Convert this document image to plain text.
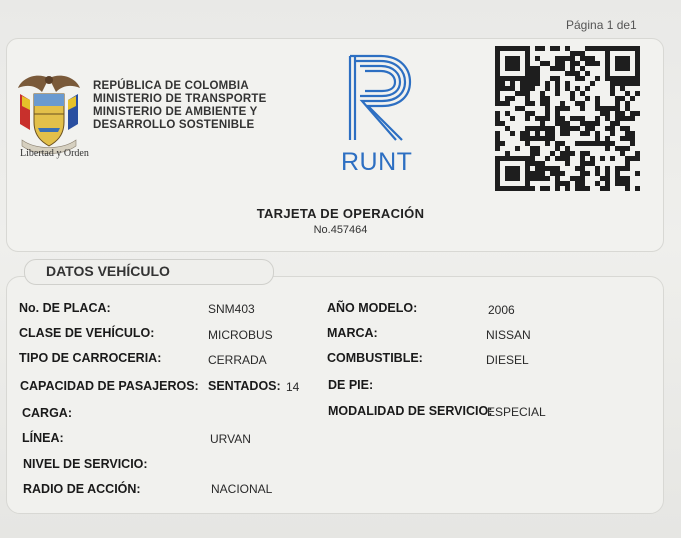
Página 1 de1
Libertad y Orden
REPÚBLICA DE COLOMBIA
MINISTERIO DE TRANSPORTE
MINISTERIO DE AMBIENTE Y
DESARROLLO SOSTENIBLE
RUNT
TARJETA DE OPERACIÓN
No.457464
DATOS VEHÍCULO
No. DE PLACA:	SNM403
CLASE DE VEHÍCULO:	MICROBUS
TIPO DE CARROCERIA:	CERRADA
CAPACIDAD DE PASAJEROS: SENTADOS: 14
CARGA:
LÍNEA:	URVAN
NIVEL DE SERVICIO:
RADIO DE ACCIÓN:	NACIONAL
AÑO MODELO:	2006
MARCA:	NISSAN
COMBUSTIBLE:	DIESEL
DE PIE:
MODALIDAD DE SERVICIO:
ESPECIAL
